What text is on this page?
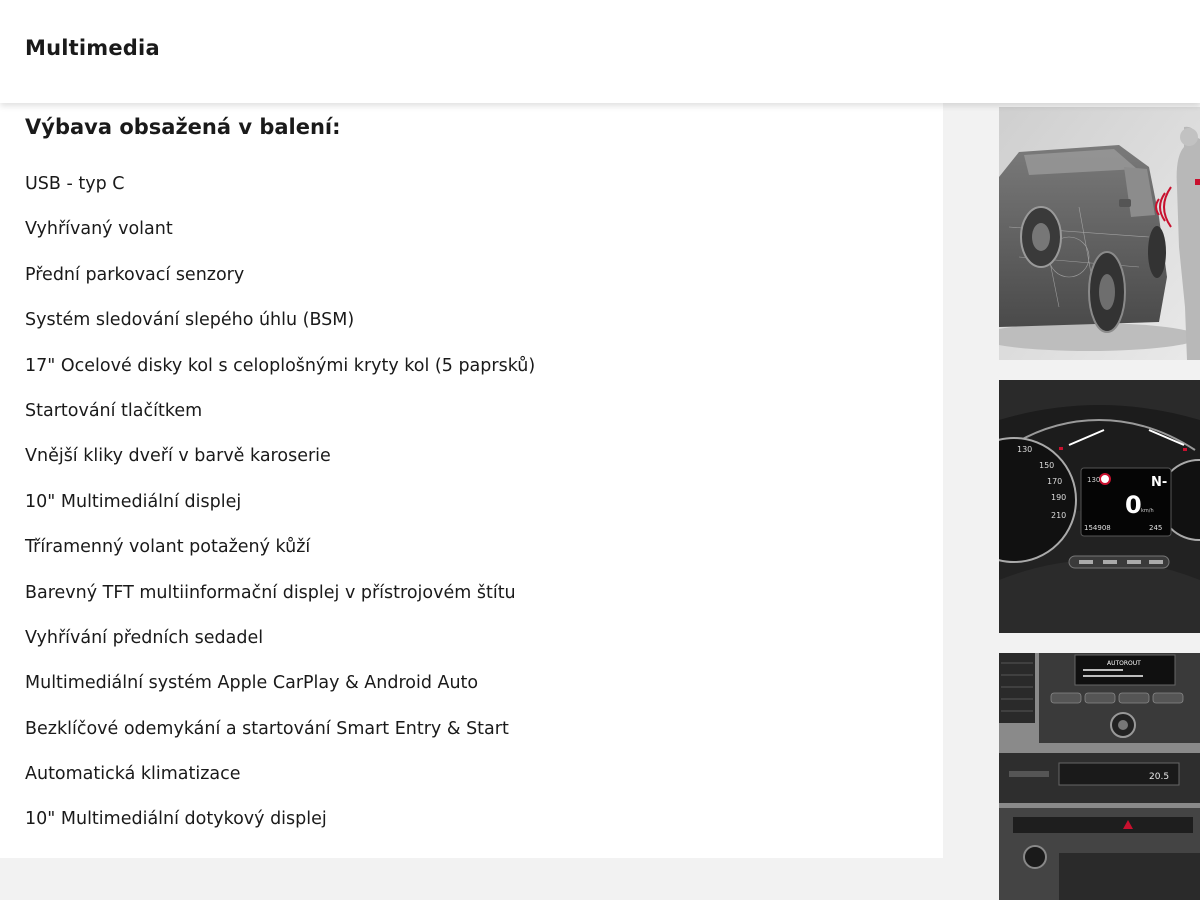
Multimedia
Výbava obsažená v balení:
USB - typ C
Vyhřívaný volant
Přední parkovací senzory
Systém sledování slepého úhlu (BSM)
17" Ocelové disky kol s celoplošnými kryty kol (5 paprsků)
Startování tlačítkem
Vnější kliky dveří v barvě karoserie
10" Multimediální displej
Tříramenný volant potažený kůží
Barevný TFT multiinformační displej v přístrojovém štítu
Vyhřívání předních sedadel
Multimediální systém Apple CarPlay & Android Auto
Bezklíčové odemykání a startování Smart Entry & Start
Automatická klimatizace
10" Multimediální dotykový displej
130
150
170
190
210
130	N-
0 km/h
154908	245
AUTOROUT
20.5
